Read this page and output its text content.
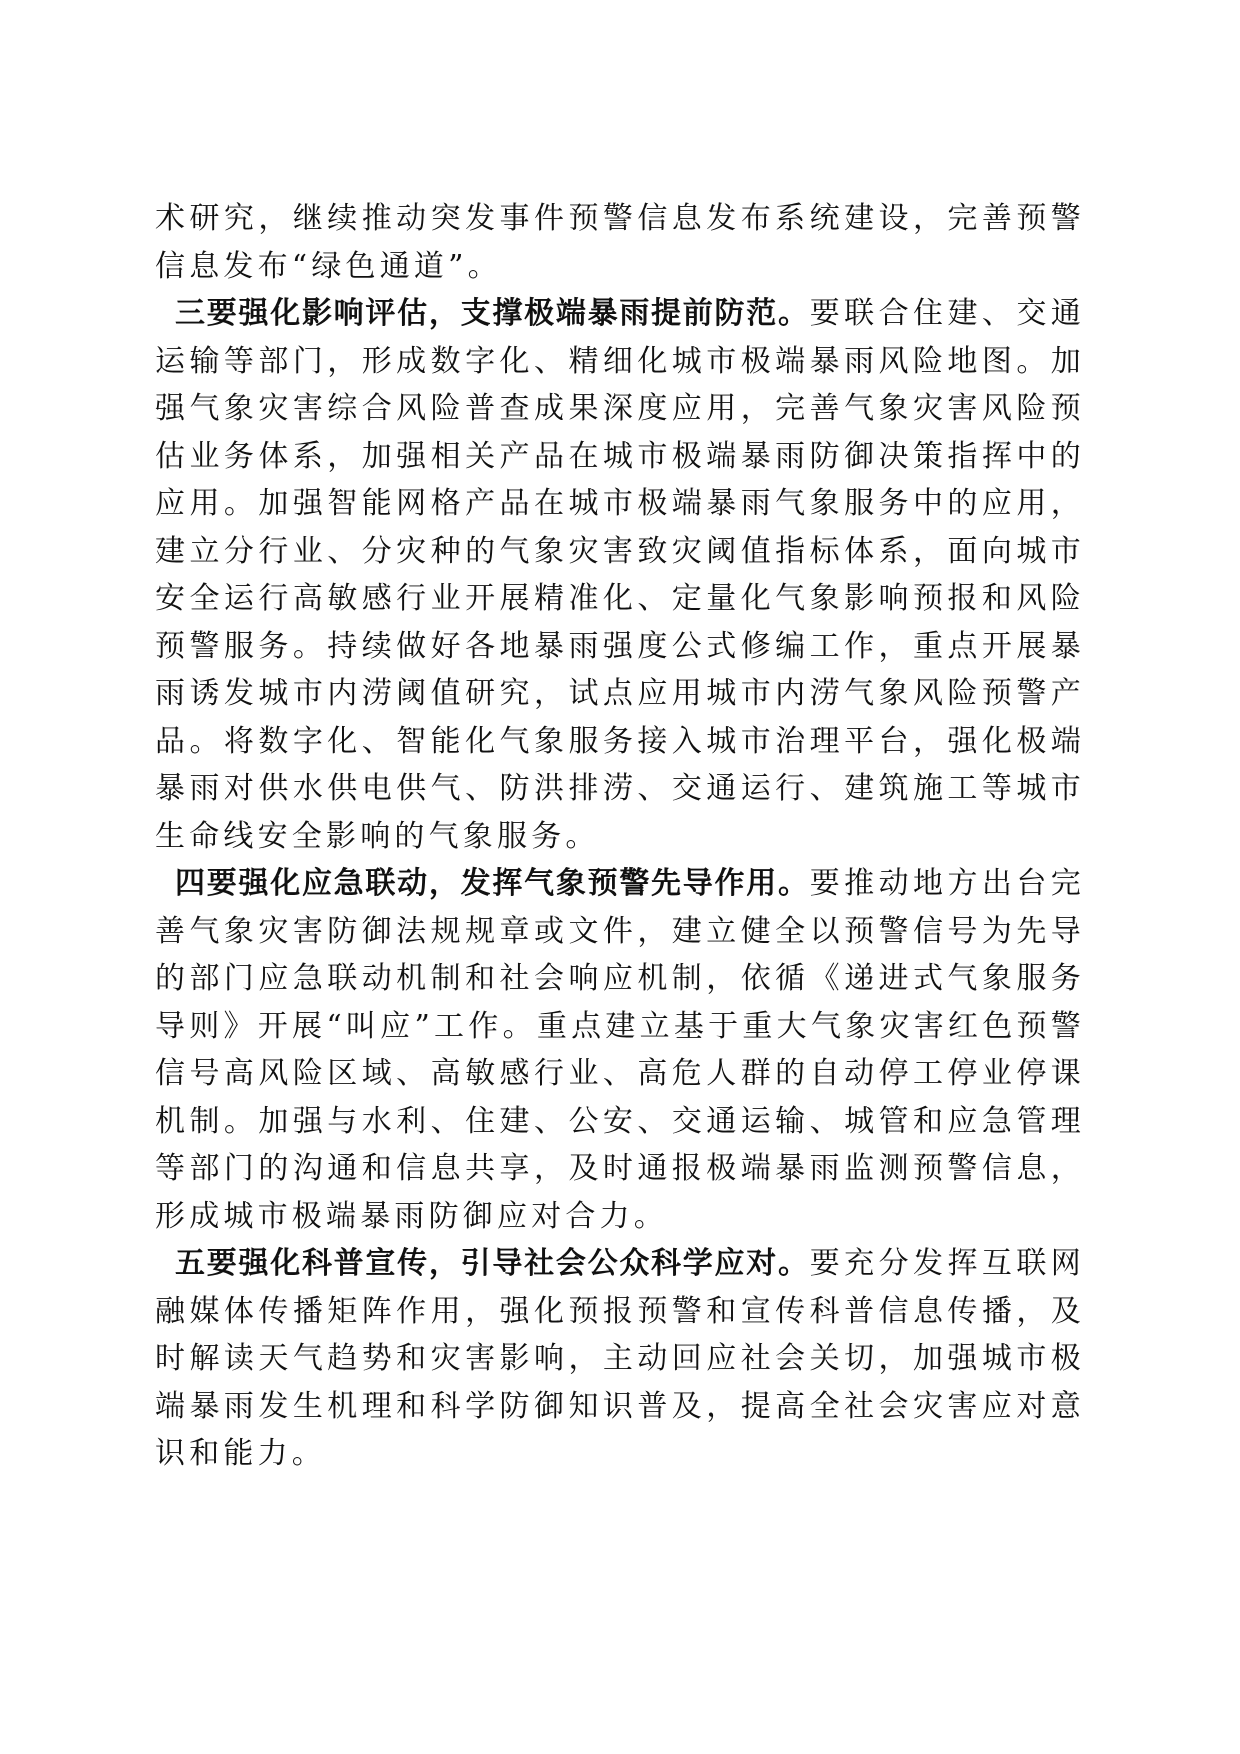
术研究，继续推动突发事件预警信息发布系统建设，完善预警信息发布“绿色通道”。

三要强化影响评估，支撑极端暴雨提前防范。要联合住建、交通运输等部门，形成数字化、精细化城市极端暴雨风险地图。加强气象灾害综合风险普查成果深度应用，完善气象灾害风险预估业务体系，加强相关产品在城市极端暴雨防御决策指挥中的应用。加强智能网格产品在城市极端暴雨气象服务中的应用，建立分行业、分灾种的气象灾害致灾阈值指标体系，面向城市安全运行高敏感行业开展精准化、定量化气象影响预报和风险预警服务。持续做好各地暴雨强度公式修编工作，重点开展暴雨诱发城市内涝阈值研究，试点应用城市内涝气象风险预警产品。将数字化、智能化气象服务接入城市治理平台，强化极端暴雨对供水供电供气、防洪排涝、交通运行、建筑施工等城市生命线安全影响的气象服务。

四要强化应急联动，发挥气象预警先导作用。要推动地方出台完善气象灾害防御法规规章或文件，建立健全以预警信号为先导的部门应急联动机制和社会响应机制，依循《递进式气象服务导则》开展“叫应”工作。重点建立基于重大气象灾害红色预警信号高风险区域、高敏感行业、高危人群的自动停工停业停课机制。加强与水利、住建、公安、交通运输、城管和应急管理等部门的沟通和信息共享，及时通报极端暴雨监测预警信息，形成城市极端暴雨防御应对合力。

五要强化科普宣传，引导社会公众科学应对。要充分发挥互联网融媒体传播矩阵作用，强化预报预警和宣传科普信息传播，及时解读天气趋势和灾害影响，主动回应社会关切，加强城市极端暴雨发生机理和科学防御知识普及，提高全社会灾害应对意识和能力。
